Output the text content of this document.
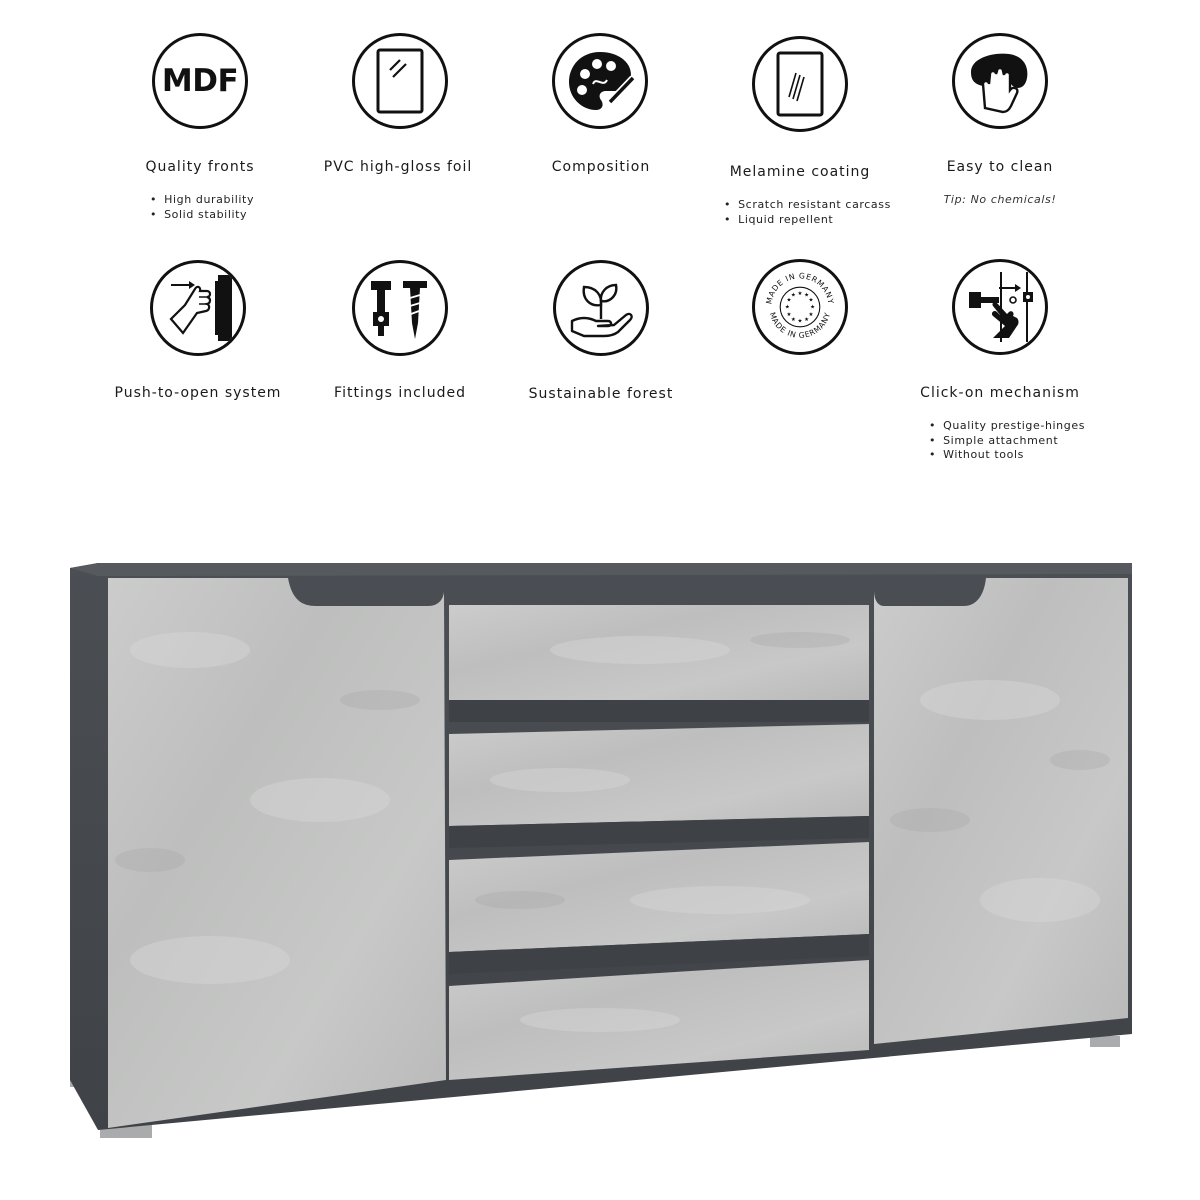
MDF
Quality fronts
• High durability
• Solid stability
PVC high-gloss foil	Composition	Melamine coating
• Scratch resistant carcass
• Liquid repellent
Easy to clean
Tip: No chemicals!
Push-to-open system	Fittings included	Sustainable forest
MADE IN GERMANY
MADE IN GERMANY
★ ★
★
★
★
★
★
★
★
★
★
★
Click-on mechanism
• Quality prestige-hinges
• Simple attachment
• Without tools
